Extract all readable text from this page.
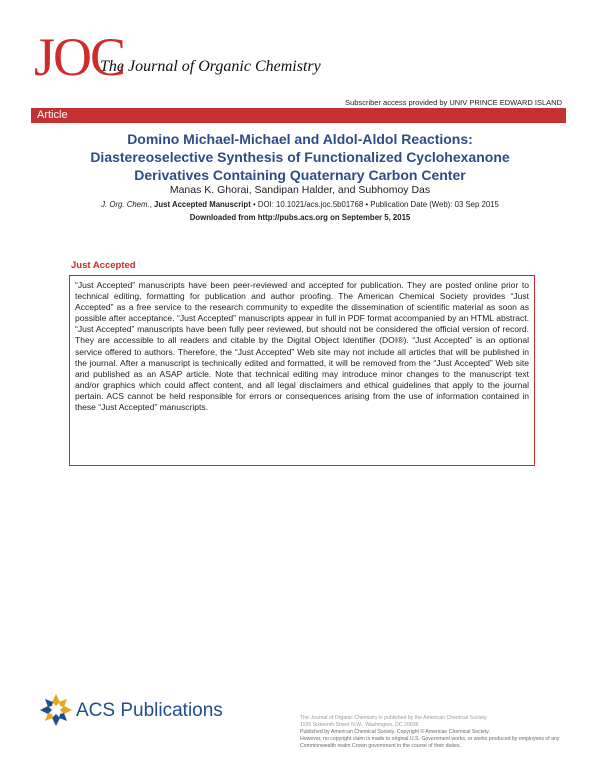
JOC
The Journal of Organic Chemistry
Subscriber access provided by UNIV PRINCE EDWARD ISLAND
Article
Domino Michael-Michael and Aldol-Aldol Reactions: Diastereoselective Synthesis of Functionalized Cyclohexanone Derivatives Containing Quaternary Carbon Center
Manas K. Ghorai, Sandipan Halder, and Subhomoy Das
J. Org. Chem., Just Accepted Manuscript • DOI: 10.1021/acs.joc.5b01768 • Publication Date (Web): 03 Sep 2015
Downloaded from http://pubs.acs.org on September 5, 2015
Just Accepted
“Just Accepted” manuscripts have been peer-reviewed and accepted for publication. They are posted online prior to technical editing, formatting for publication and author proofing. The American Chemical Society provides “Just Accepted” as a free service to the research community to expedite the dissemination of scientific material as soon as possible after acceptance. “Just Accepted” manuscripts appear in full in PDF format accompanied by an HTML abstract. “Just Accepted” manuscripts have been fully peer reviewed, but should not be considered the official version of record. They are accessible to all readers and citable by the Digital Object Identifier (DOI®). “Just Accepted” is an optional service offered to authors. Therefore, the “Just Accepted” Web site may not include all articles that will be published in the journal. After a manuscript is technically edited and formatted, it will be removed from the “Just Accepted” Web site and published as an ASAP article. Note that technical editing may introduce minor changes to the manuscript text and/or graphics which could affect content, and all legal disclaimers and ethical guidelines that apply to the journal pertain. ACS cannot be held responsible for errors or consequences arising from the use of information contained in these “Just Accepted” manuscripts.
ACS Publications	The Journal of Organic Chemistry is published by the American Chemical Society.
1155 Sixteenth Street N.W., Washington, DC 20036
Published by American Chemical Society. Copyright © American Chemical Society.
However, no copyright claim is made to original U.S. Government works, or works produced by employees of any Commonwealth realm Crown government in the course of their duties.
